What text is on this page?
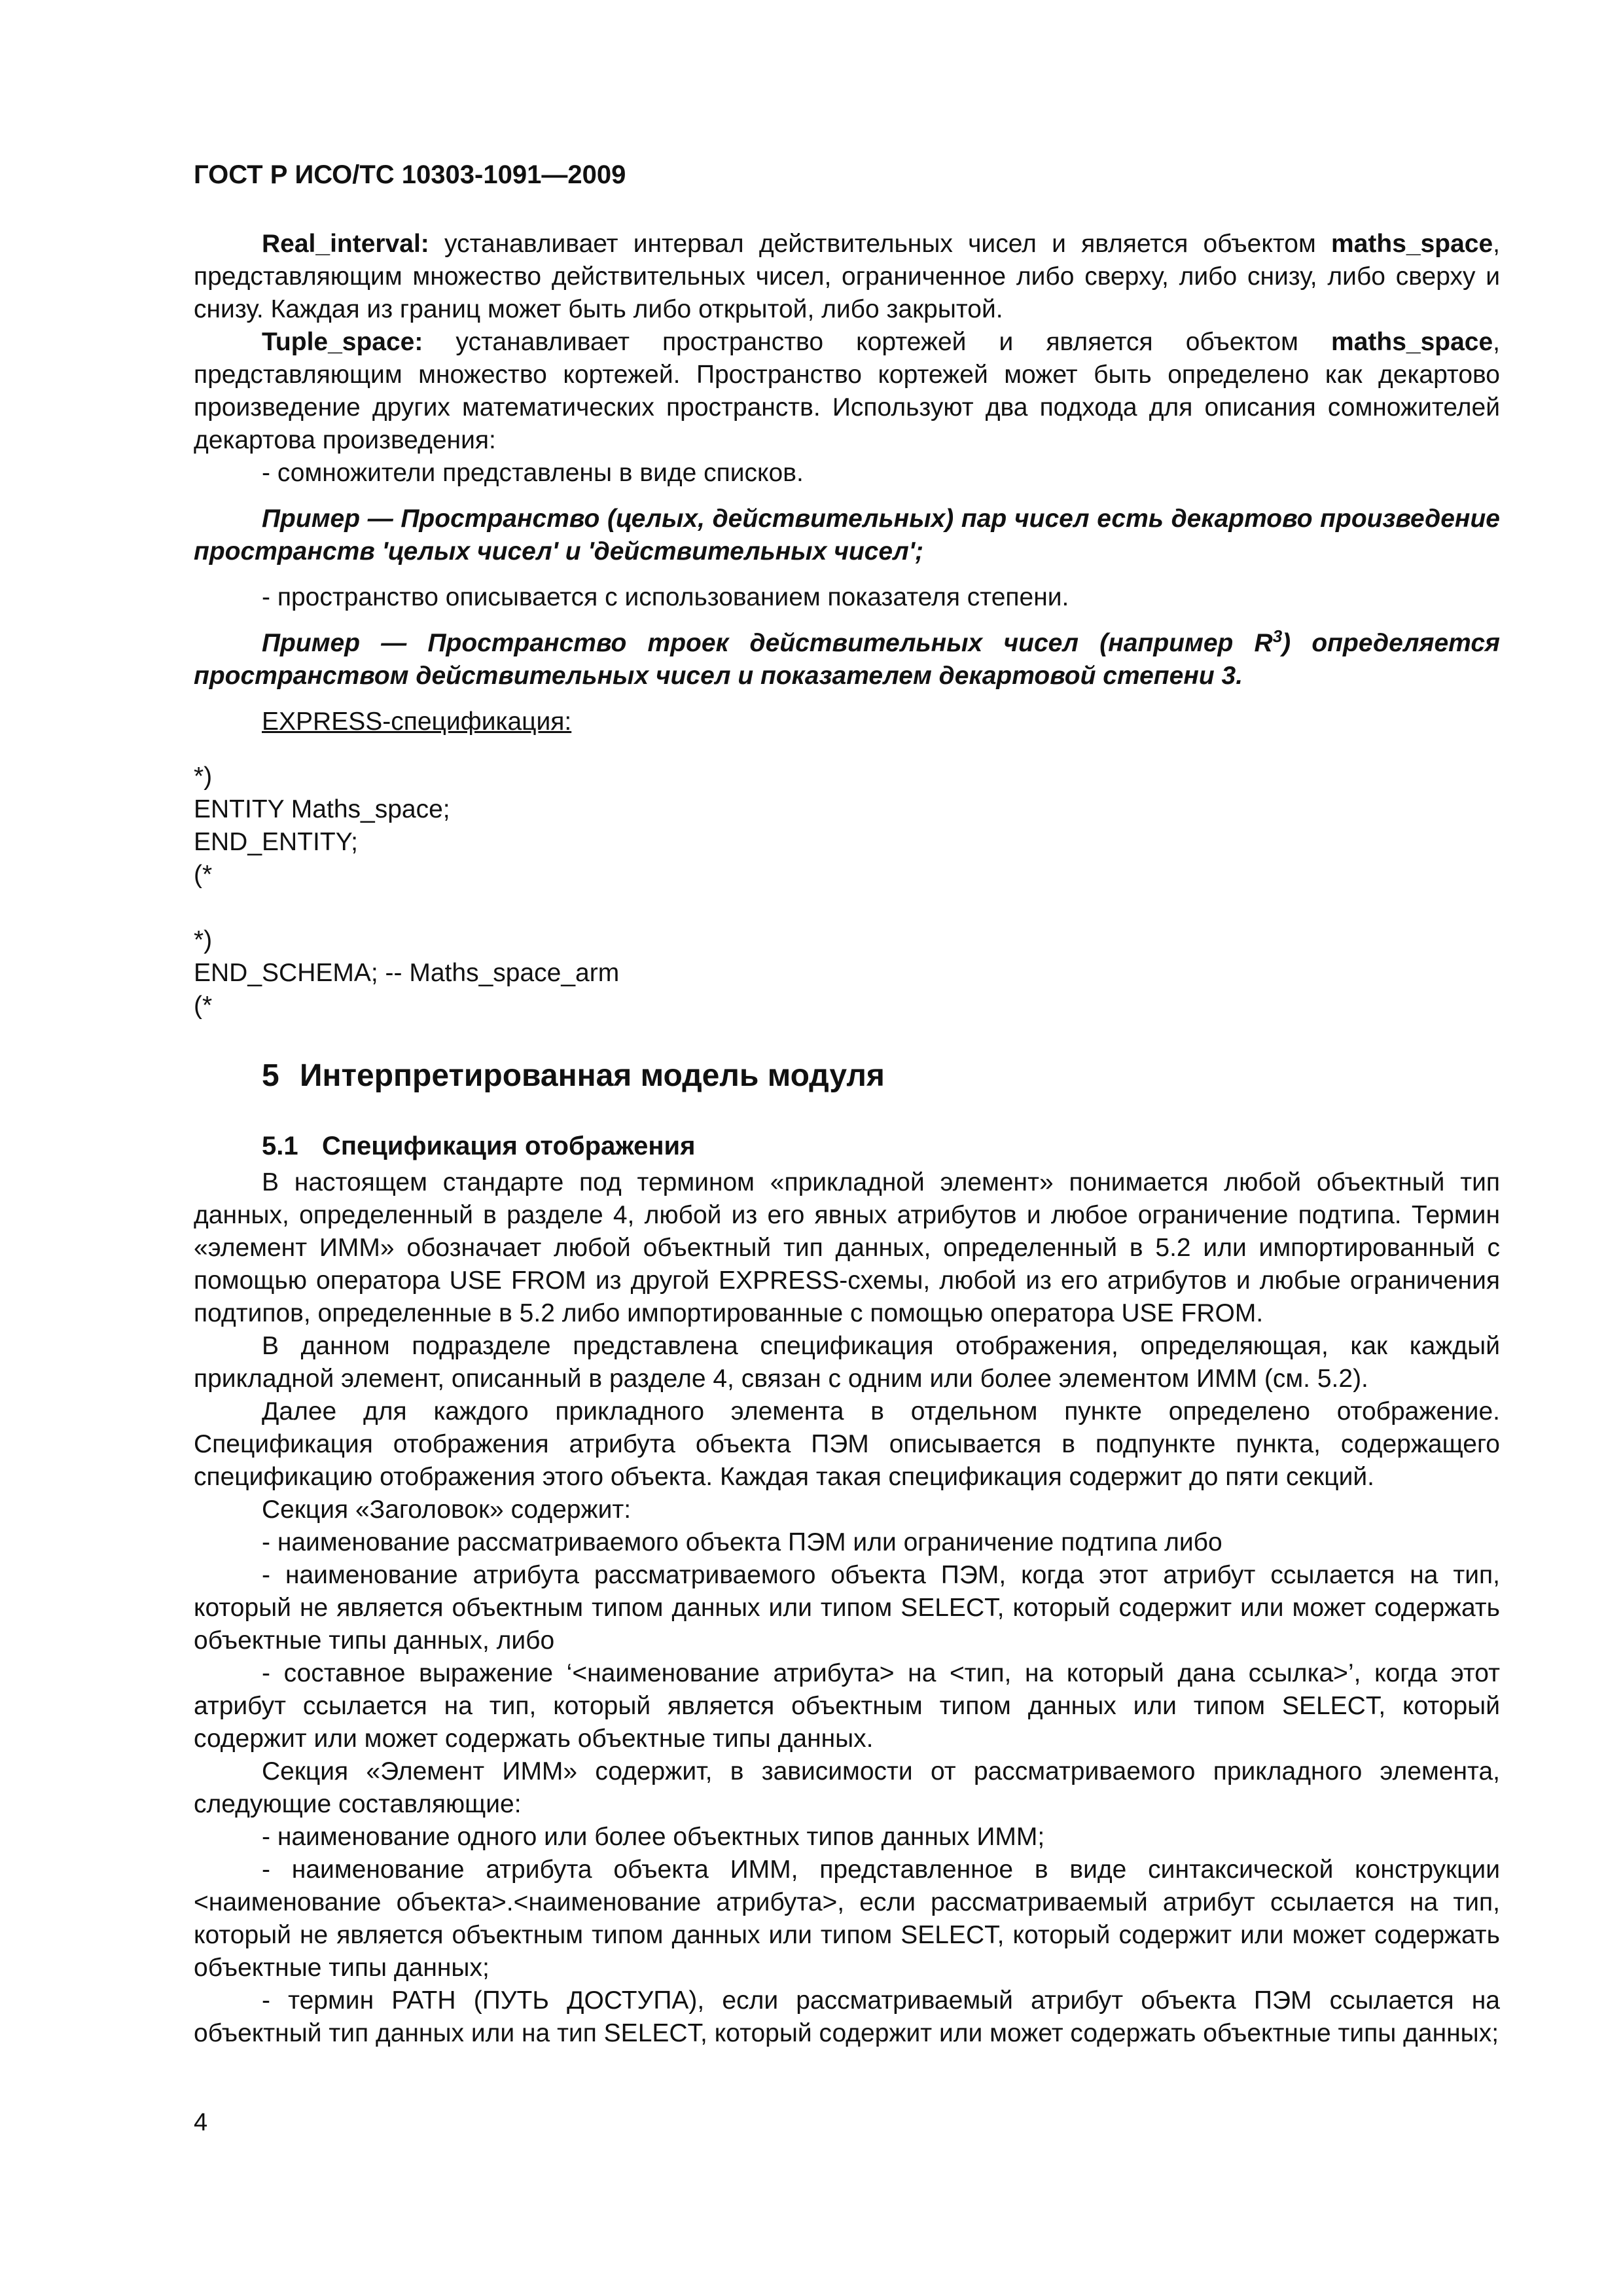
ГОСТ Р ИСО/ТС 10303-1091—2009

Real_interval: устанавливает интервал действительных чисел и является объектом maths_space, представляющим множество действительных чисел, ограниченное либо сверху, либо снизу, либо сверху и снизу. Каждая из границ может быть либо открытой, либо закрытой.

Tuple_space: устанавливает пространство кортежей и является объектом maths_space, представляющим множество кортежей. Пространство кортежей может быть определено как декартово произведение других математических пространств. Используют два подхода для описания сомножителей декартова произведения:

- сомножители представлены в виде списков.

Пример — Пространство (целых, действительных) пар чисел есть декартово произведение пространств 'целых чисел' и 'действительных чисел';

- пространство описывается с использованием показателя степени.

Пример — Пространство троек действительных чисел (например $R^3$) определяется пространством действительных чисел и показателем декартовой степени 3.

EXPRESS-спецификация:

*)
ENTITY Maths_space;
END_ENTITY;
(*
*)
END_SCHEMA; -- Maths_space_arm
(*
5 Интерпретированная модель модуля
5.1 Спецификация отображения

В настоящем стандарте под термином «прикладной элемент» понимается любой объектный тип данных, определенный в разделе 4, любой из его явных атрибутов и любое ограничение подтипа. Термин «элемент ИММ» обозначает любой объектный тип данных, определенный в 5.2 или импортированный с помощью оператора USE FROM из другой EXPRESS-схемы, любой из его атрибутов и любые ограничения подтипов, определенные в 5.2 либо импортированные с помощью оператора USE FROM.

В данном подразделе представлена спецификация отображения, определяющая, как каждый прикладной элемент, описанный в разделе 4, связан с одним или более элементом ИММ (см. 5.2).

Далее для каждого прикладного элемента в отдельном пункте определено отображение. Спецификация отображения атрибута объекта ПЭМ описывается в подпункте пункта, содержащего спецификацию отображения этого объекта. Каждая такая спецификация содержит до пяти секций.

Секция «Заголовок» содержит:

- наименование рассматриваемого объекта ПЭМ или ограничение подтипа либо

- наименование атрибута рассматриваемого объекта ПЭМ, когда этот атрибут ссылается на тип, который не является объектным типом данных или типом SELECT, который содержит или может содержать объектные типы данных, либо

- составное выражение ‘<наименование атрибута> на <тип, на который дана ссылка>’, когда этот атрибут ссылается на тип, который является объектным типом данных или типом SELECT, который содержит или может содержать объектные типы данных.

Секция «Элемент ИММ» содержит, в зависимости от рассматриваемого прикладного элемента, следующие составляющие:

- наименование одного или более объектных типов данных ИММ;

- наименование атрибута объекта ИММ, представленное в виде синтаксической конструкции <наименование объекта>.<наименование атрибута>, если рассматриваемый атрибут ссылается на тип, который не является объектным типом данных или типом SELECT, который содержит или может содержать объектные типы данных;

- термин PATH (ПУТЬ ДОСТУПА), если рассматриваемый атрибут объекта ПЭМ ссылается на объектный тип данных или на тип SELECT, который содержит или может содержать объектные типы данных;

4
